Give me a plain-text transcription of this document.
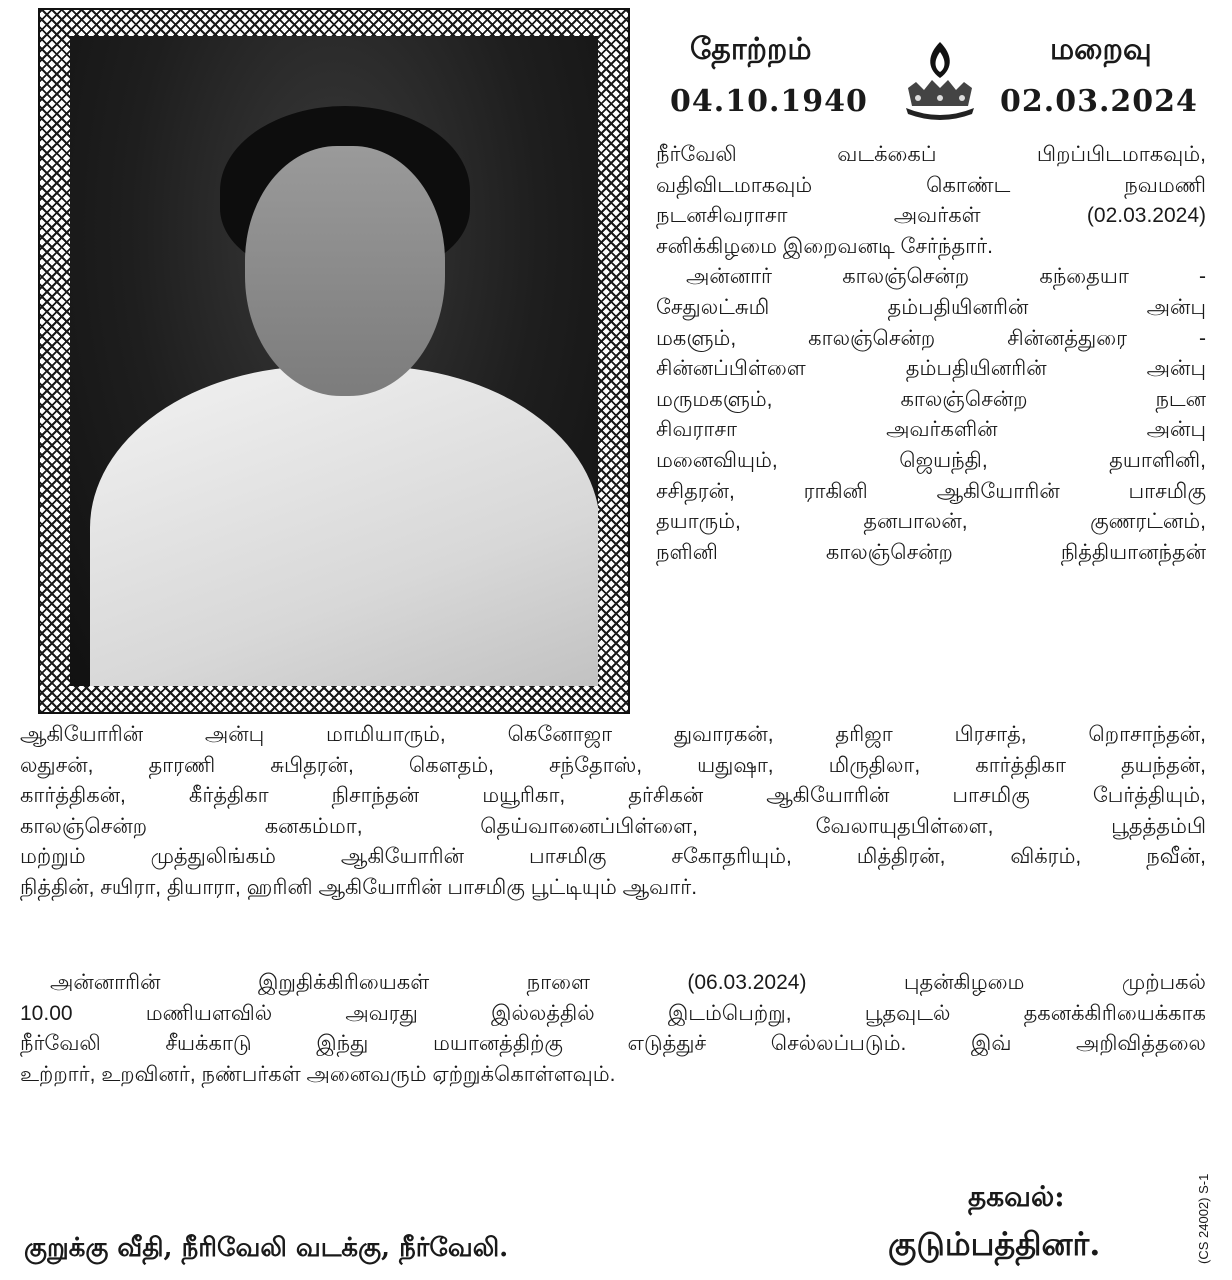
தோற்றம்	மறைவு
04.10.1940	02.03.2024

நீர்வேலி வடக்கைப் பிறப்பிடமாகவும்,
வதிவிடமாகவும் கொண்ட நவமணி
நடனசிவராசா அவர்கள் (02.03.2024)
சனிக்கிழமை இறைவனடி சேர்ந்தார்.

அன்னார் காலஞ்சென்ற கந்தையா -
சேதுலட்சுமி தம்பதியினரின் அன்பு
மகளும், காலஞ்சென்ற சின்னத்துரை -
சின்னப்பிள்ளை தம்பதியினரின் அன்பு
மருமகளும், காலஞ்சென்ற நடன
சிவராசா அவர்களின் அன்பு
மனைவியும், ஜெயந்தி, தயாளினி,
சசிதரன், ராகினி ஆகியோரின் பாசமிகு
தயாரும், தனபாலன், குணரட்னம்,
நளினி காலஞ்சென்ற நித்தியானந்தன்

ஆகியோரின் அன்பு மாமியாரும், கெனோஜா துவாரகன், தரிஜா பிரசாத், றொசாந்தன்,
லதுசன், தாரணி சுபிதரன், கௌதம், சந்தோஸ், யதுஷா, மிருதிலா, கார்த்திகா தயந்தன்,
கார்த்திகன், கீர்த்திகா நிசாந்தன் மயூரிகா, தர்சிகன் ஆகியோரின் பாசமிகு பேர்த்தியும்,
காலஞ்சென்ற கனகம்மா, தெய்வானைப்பிள்ளை, வேலாயுதபிள்ளை, பூதத்தம்பி
மற்றும் முத்துலிங்கம் ஆகியோரின் பாசமிகு சகோதரியும், மித்திரன், விக்ரம், நவீன்,
நித்தின், சயிரா, தியாரா, ஹரினி ஆகியோரின் பாசமிகு பூட்டியும் ஆவார்.

அன்னாரின் இறுதிக்கிரியைகள் நாளை (06.03.2024) புதன்கிழமை முற்பகல்
10.00 மணியளவில் அவரது இல்லத்தில் இடம்பெற்று, பூதவுடல் தகனக்கிரியைக்காக
நீர்வேலி சீயக்காடு இந்து மயானத்திற்கு எடுத்துச் செல்லப்படும். இவ் அறிவித்தலை
உற்றார், உறவினர், நண்பர்கள் அனைவரும் ஏற்றுக்கொள்ளவும்.

தகவல்:
குடும்பத்தினர்.
குறுக்கு வீதி, நீரிவேலி வடக்கு, நீர்வேலி.	(CS 24002) S-1
